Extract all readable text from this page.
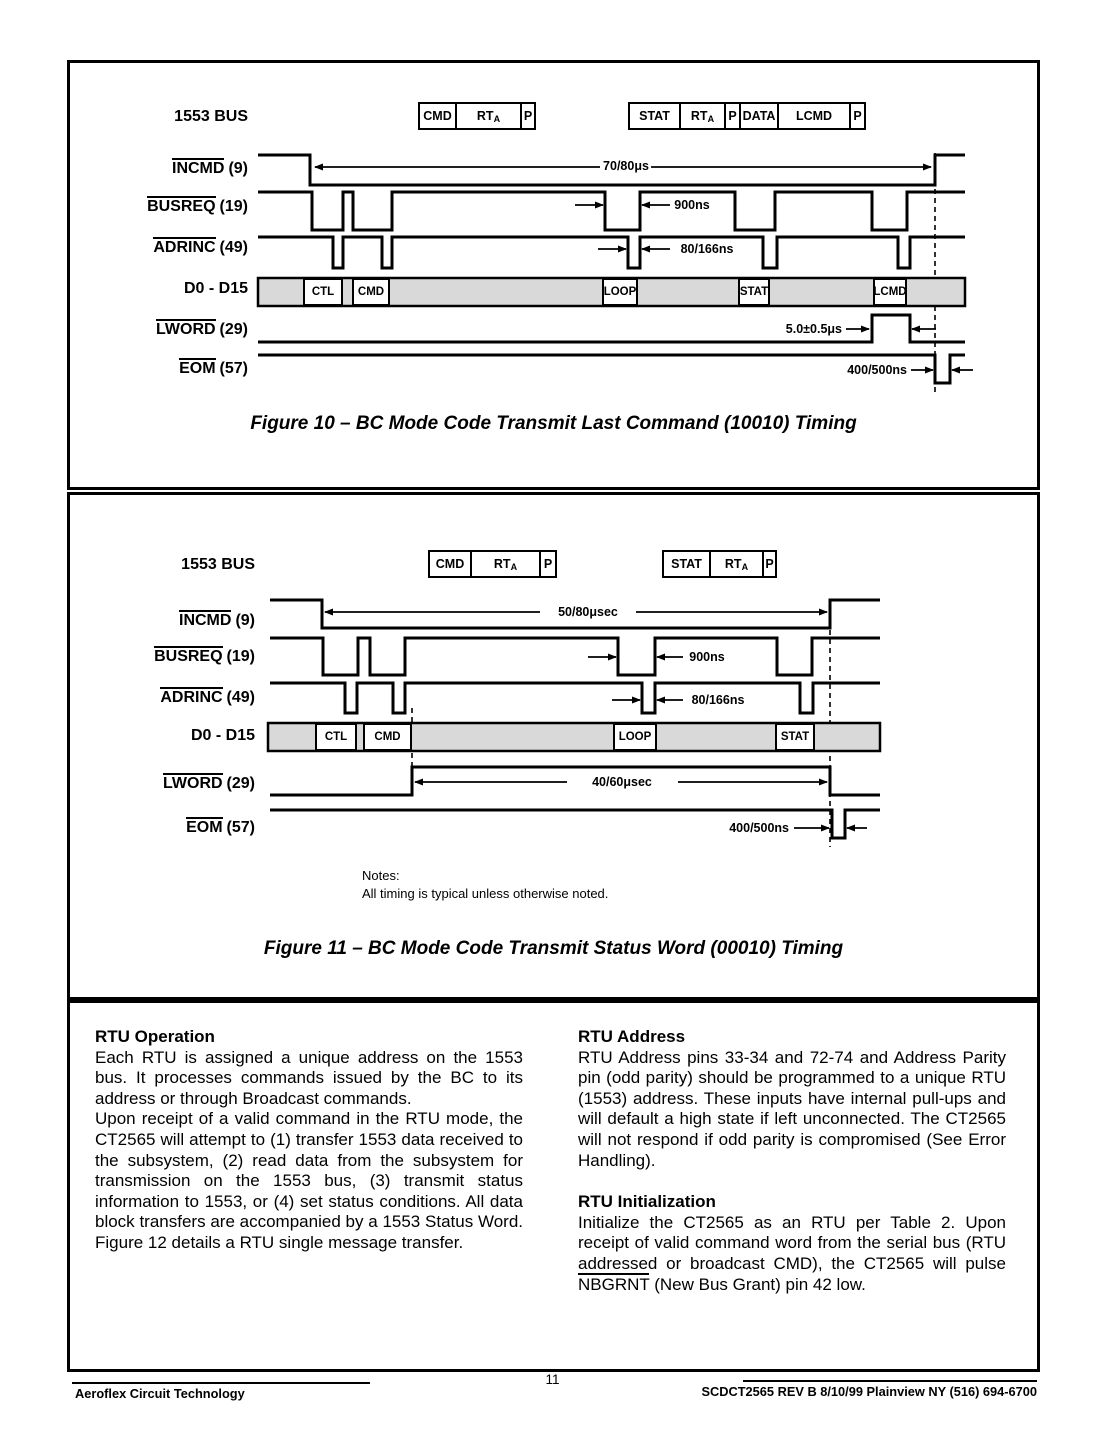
1553 BUS
INCMD (9)
BUSREQ (19)
ADRINC (49)
D0 - D15
LWORD (29)
EOM (57)
CMD $RT_A$ P	STAT $RT_A$ P DATA LCMD P
CTL CMD	LOOP	STAT	LCMD
70/80μs
900ns
80/166ns
5.0±0.5μs
400/500ns
Figure 10 – BC Mode Code Transmit Last Command (10010) Timing
1553 BUS
INCMD (9)
BUSREQ (19)
ADRINC (49)
D0 - D15
LWORD (29)
EOM (57)
CMD $RT_A$ P	STAT $RT_A$ P
CTL CMD	LOOP	STAT
50/80μsec
900ns
80/166ns
40/60μsec
400/500ns
Notes:
All timing is typical unless otherwise noted.
Figure 11 – BC Mode Code Transmit Status Word (00010) Timing
RTU Operation

Each RTU is assigned a unique address on the 1553 bus. It processes commands issued by the BC to its address or through Broadcast commands.

Upon receipt of a valid command in the RTU mode, the CT2565 will attempt to (1) transfer 1553 data received to the subsystem, (2) read data from the subsystem for transmission on the 1553 bus, (3) transmit status information to 1553, or (4) set status conditions. All data block transfers are accompanied by a 1553 Status Word. Figure 12 details a RTU single message transfer.

RTU Address

RTU Address pins 33-34 and 72-74 and Address Parity pin (odd parity) should be programmed to a unique RTU (1553) address. These inputs have internal pull-ups and will default a high state if left unconnected. The CT2565 will not respond if odd parity is compromised (See Error Handling).

RTU Initialization

Initialize the CT2565 as an RTU per Table 2. Upon receipt of valid command word from the serial bus (RTU addressed or broadcast CMD), the CT2565 will pulse NBGRNT (New Bus Grant) pin 42 low.

11
Aeroflex Circuit Technology	SCDCT2565 REV B 8/10/99 Plainview NY (516) 694-6700
